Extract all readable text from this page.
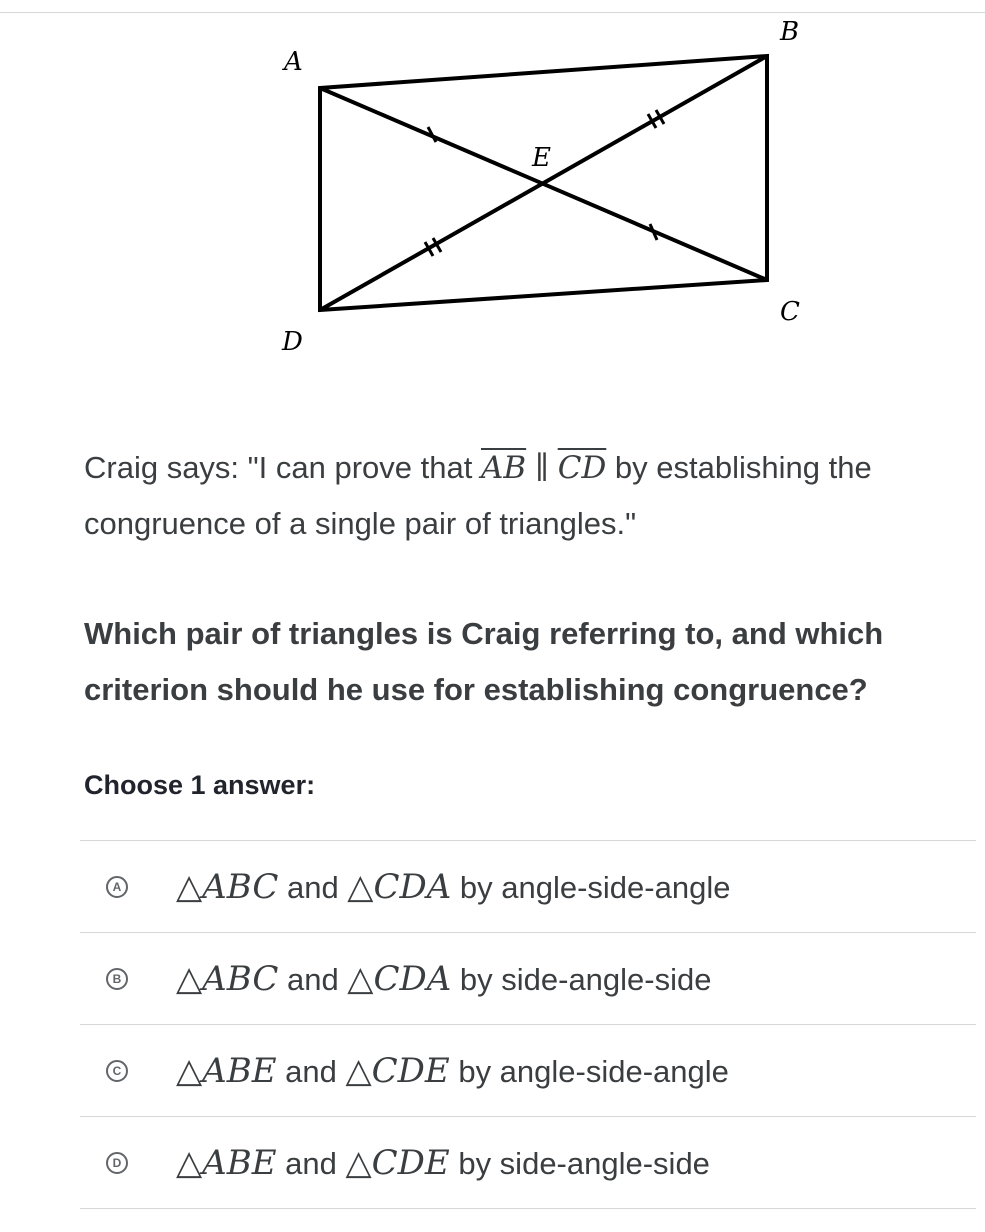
A
B
C
D
E
Craig says: "I can prove that $\overline{AB}$ ∥ $\overline{CD}$ by establishing the congruence of a single pair of triangles."
Which pair of triangles is Craig referring to, and which criterion should he use for establishing congruence?
Choose 1 answer:
A △ABC and △CDA by angle-side-angle
B △ABC and △CDA by side-angle-side
C △ABE and △CDE by angle-side-angle
D △ABE and △CDE by side-angle-side
